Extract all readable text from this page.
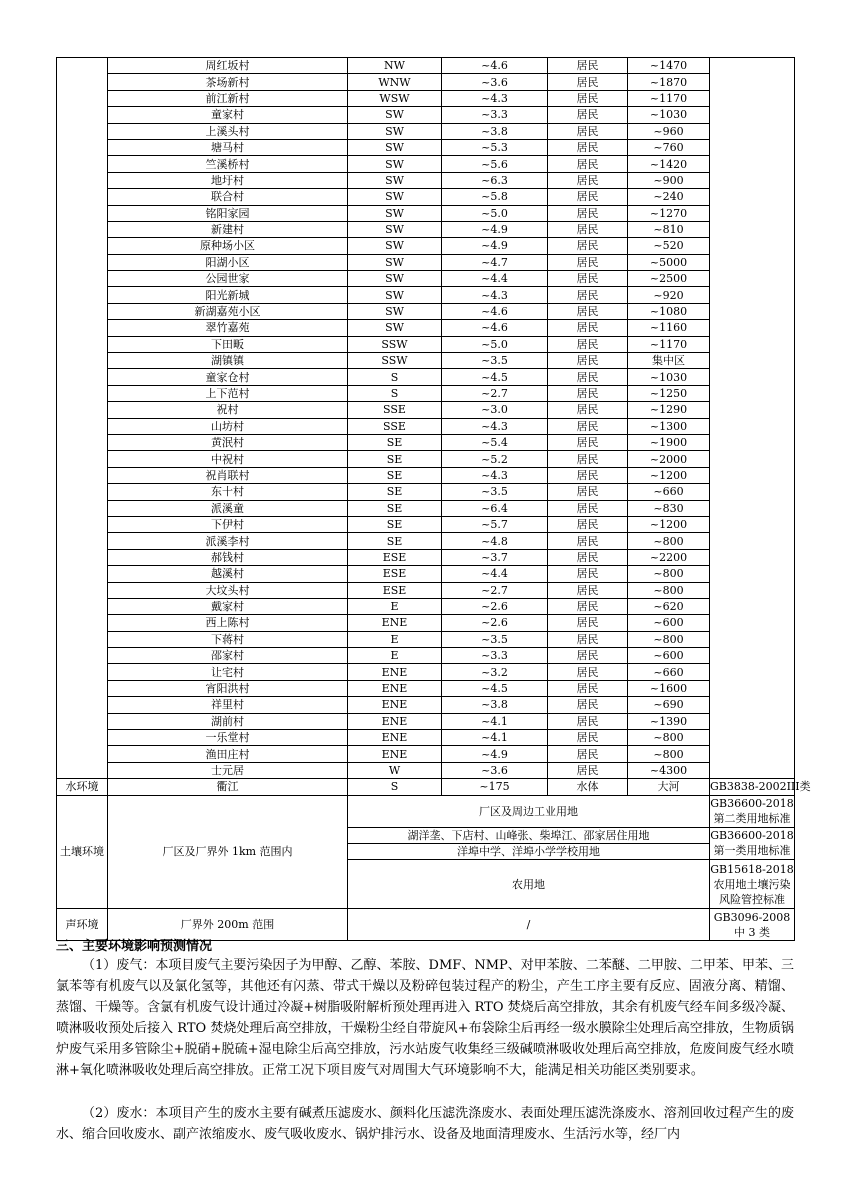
	周红坂村	NW	~4.6	居民	~1470	
	茶场新村	WNW	~3.6	居民	~1870	
	前江新村	WSW	~4.3	居民	~1170	
	童家村	SW	~3.3	居民	~1030	
	上溪头村	SW	~3.8	居民	~960	
	塘马村	SW	~5.3	居民	~760	
	竺溪桥村	SW	~5.6	居民	~1420	
	地圩村	SW	~6.3	居民	~900	
	联合村	SW	~5.8	居民	~240	
	铭阳家园	SW	~5.0	居民	~1270	
	新建村	SW	~4.9	居民	~810	
	原种场小区	SW	~4.9	居民	~520	
	阳湖小区	SW	~4.7	居民	~5000	
	公园世家	SW	~4.4	居民	~2500	
	阳光新城	SW	~4.3	居民	~920	
	新湖嘉苑小区	SW	~4.6	居民	~1080	
	翠竹嘉苑	SW	~4.6	居民	~1160	
	下田畈	SSW	~5.0	居民	~1170	
	湖镇镇	SSW	~3.5	居民	集中区	
	童家仓村	S	~4.5	居民	~1030	
	上下范村	S	~2.7	居民	~1250	
	祝村	SSE	~3.0	居民	~1290	
	山坊村	SSE	~4.3	居民	~1300	
	黄泯村	SE	~5.4	居民	~1900	
	中祝村	SE	~5.2	居民	~2000	
	祝肖联村	SE	~4.3	居民	~1200	
	东十村	SE	~3.5	居民	~660	
	派溪童	SE	~6.4	居民	~830	
	下伊村	SE	~5.7	居民	~1200	
	派溪李村	SE	~4.8	居民	~800	
	郝钱村	ESE	~3.7	居民	~2200	
	越溪村	ESE	~4.4	居民	~800	
	大坟头村	ESE	~2.7	居民	~800	
	戴家村	E	~2.6	居民	~620	
	西上陈村	ENE	~2.6	居民	~600	
	下蒋村	E	~3.5	居民	~800	
	邵家村	E	~3.3	居民	~600	
	让宅村	ENE	~3.2	居民	~660	
	宵阳洪村	ENE	~4.5	居民	~1600	
	祥里村	ENE	~3.8	居民	~690	
	湖前村	ENE	~4.1	居民	~1390	
	一乐堂村	ENE	~4.1	居民	~800	
	渔田庄村	ENE	~4.9	居民	~800	
	士元居	W	~3.6	居民	~4300	
水环境	衢江	S	~175	水体	大河	GB3838-2002III类
土壤环境	厂区及厂界外 1km 范围内	厂区及周边工业用地				GB36600-2018 第二类用地标准
		湖洋垄、下店村、山峰张、柴埠江、邵家居住用地				GB36600-2018 第一类用地标准
		洋埠中学、洋埠小学学校用地				
		农用地				GB15618-2018 农用地土壤污染风险管控标准
声环境	厂界外 200m 范围	/				GB3096-2008 中 3 类
三、主要环境影响预测情况
（1）废气：本项目废气主要污染因子为甲醇、乙醇、苯胺、DMF、NMP、对甲苯胺、二苯醚、二甲胺、二甲苯、甲苯、三氯苯等有机废气以及氯化氢等，其他还有闪蒸、带式干燥以及粉碎包装过程产的粉尘，产生工序主要有反应、固液分离、精馏、蒸馏、干燥等。含氯有机废气设计通过冷凝+树脂吸附解析预处理再进入 RTO 焚烧后高空排放，其余有机废气经车间多级冷凝、喷淋吸收预处后接入 RTO 焚烧处理后高空排放，干燥粉尘经自带旋风+布袋除尘后再经一级水膜除尘处理后高空排放，生物质锅炉废气采用多管除尘+脱硝+脱硫+湿电除尘后高空排放，污水站废气收集经三级碱喷淋吸收处理后高空排放，危废间废气经水喷淋+氧化喷淋吸收处理后高空排放。正常工况下项目废气对周围大气环境影响不大，能满足相关功能区类别要求。
（2）废水：本项目产生的废水主要有碱煮压滤废水、颜料化压滤洗涤废水、表面处理压滤洗涤废水、溶剂回收过程产生的废水、缩合回收废水、副产浓缩废水、废气吸收废水、锅炉排污水、设备及地面清理废水、生活污水等，经厂内
